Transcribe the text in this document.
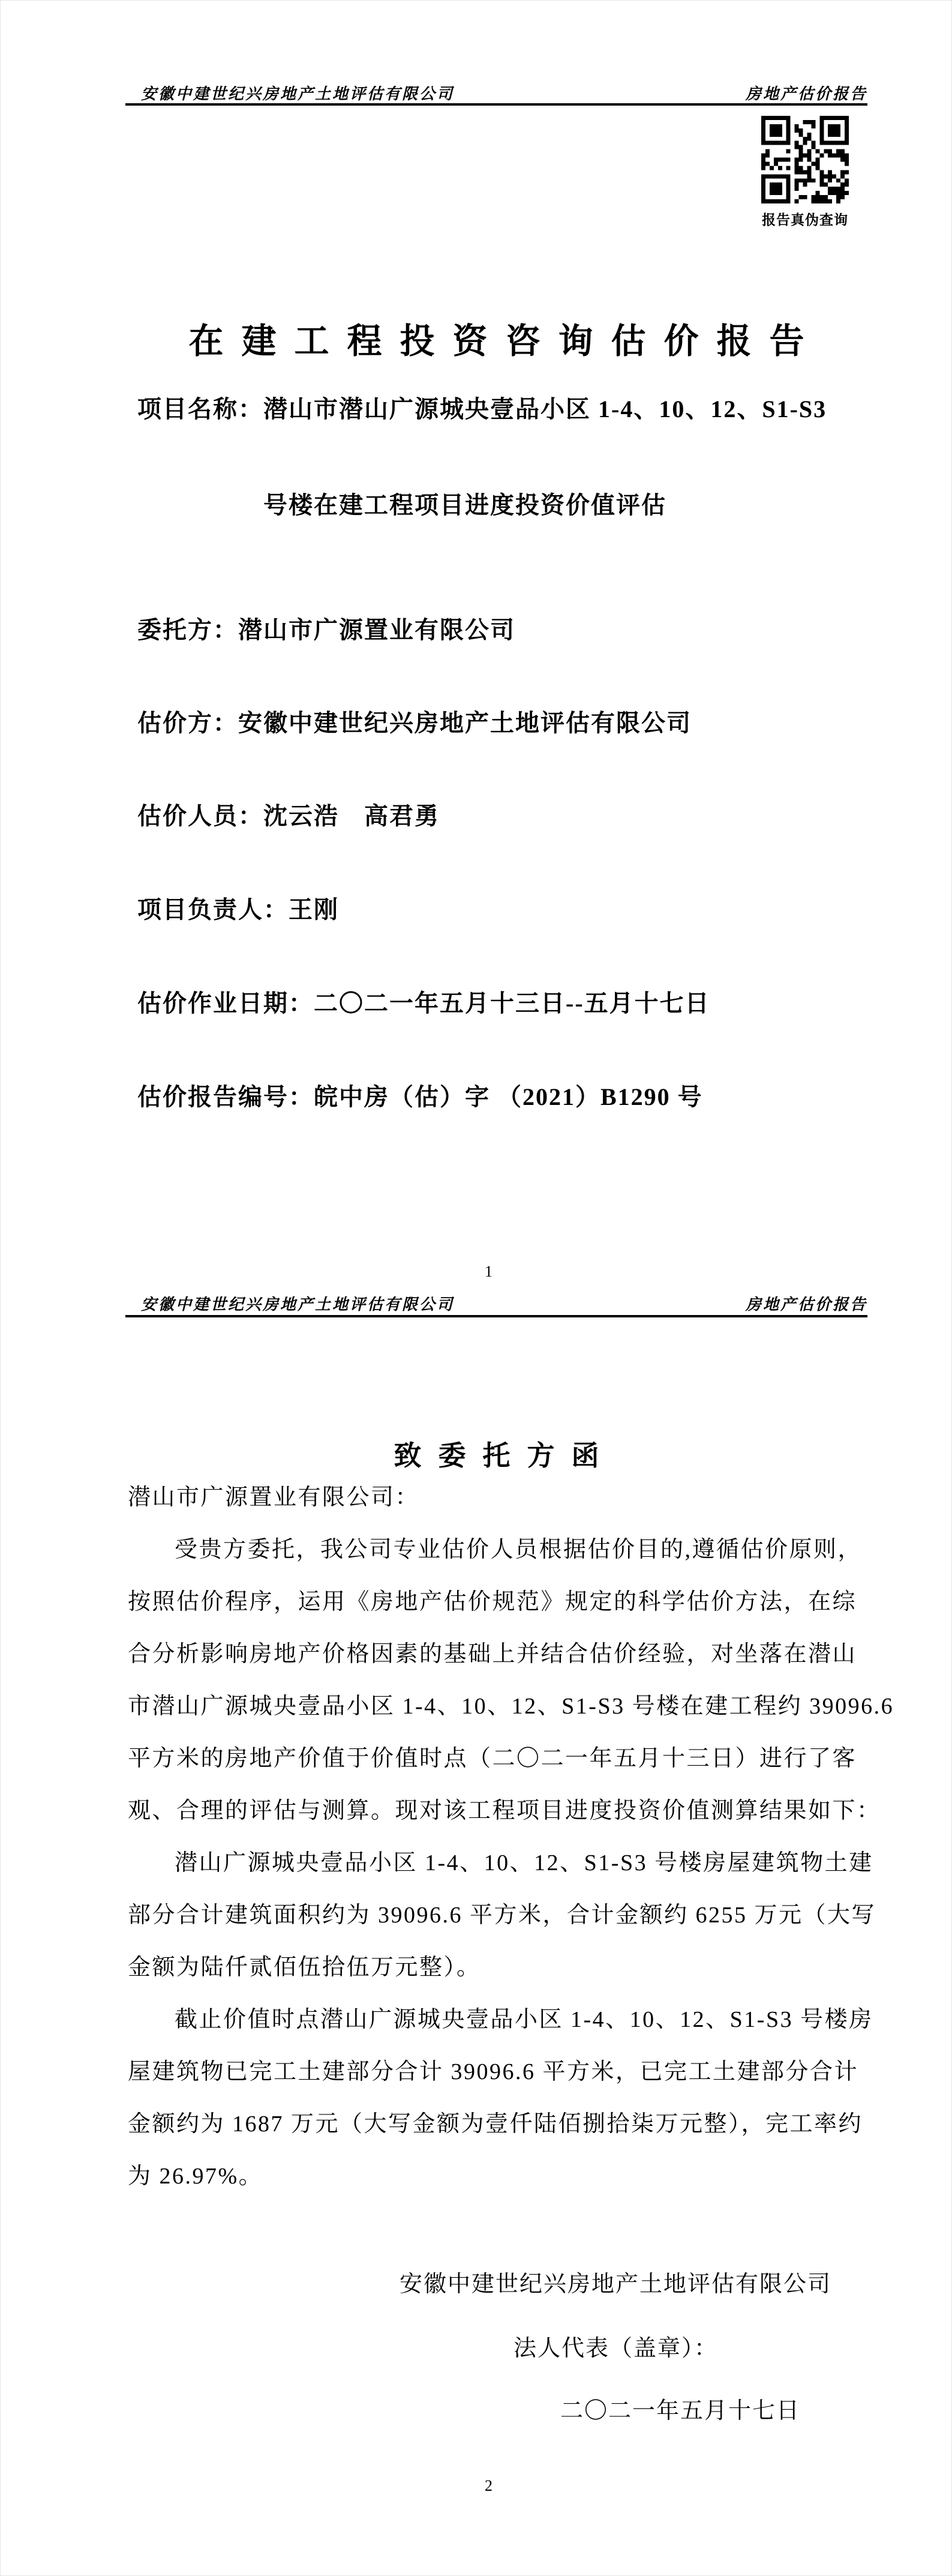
安徽中建世纪兴房地产土地评估有限公司	房地产估价报告
报告真伪查询
在建工程投资咨询估价报告
项目名称：潜山市潜山广源城央壹品小区 1-4、10、12、S1-S3
号楼在建工程项目进度投资价值评估
委托方：潜山市广源置业有限公司
估价方：安徽中建世纪兴房地产土地评估有限公司
估价人员：沈云浩　高君勇
项目负责人：王刚
估价作业日期：二〇二一年五月十三日--五月十七日
估价报告编号：皖中房（估）字 （2021）B1290 号
1
安徽中建世纪兴房地产土地评估有限公司	房地产估价报告
致委托方函
潜山市广源置业有限公司：
受贵方委托，我公司专业估价人员根据估价目的,遵循估价原则，
按照估价程序，运用《房地产估价规范》规定的科学估价方法，在综
合分析影响房地产价格因素的基础上并结合估价经验，对坐落在潜山
市潜山广源城央壹品小区 1-4、10、12、S1-S3 号楼在建工程约 39096.6
平方米的房地产价值于价值时点（二〇二一年五月十三日）进行了客
观、合理的评估与测算。现对该工程项目进度投资价值测算结果如下：
潜山广源城央壹品小区 1-4、10、12、S1-S3 号楼房屋建筑物土建
部分合计建筑面积约为 39096.6 平方米，合计金额约 6255 万元（大写
金额为陆仟贰佰伍拾伍万元整）。
截止价值时点潜山广源城央壹品小区 1-4、10、12、S1-S3 号楼房
屋建筑物已完工土建部分合计 39096.6 平方米，已完工土建部分合计
金额约为 1687 万元（大写金额为壹仟陆佰捌拾柒万元整），完工率约
为 26.97%。
安徽中建世纪兴房地产土地评估有限公司
法人代表（盖章）：
二〇二一年五月十七日
2
